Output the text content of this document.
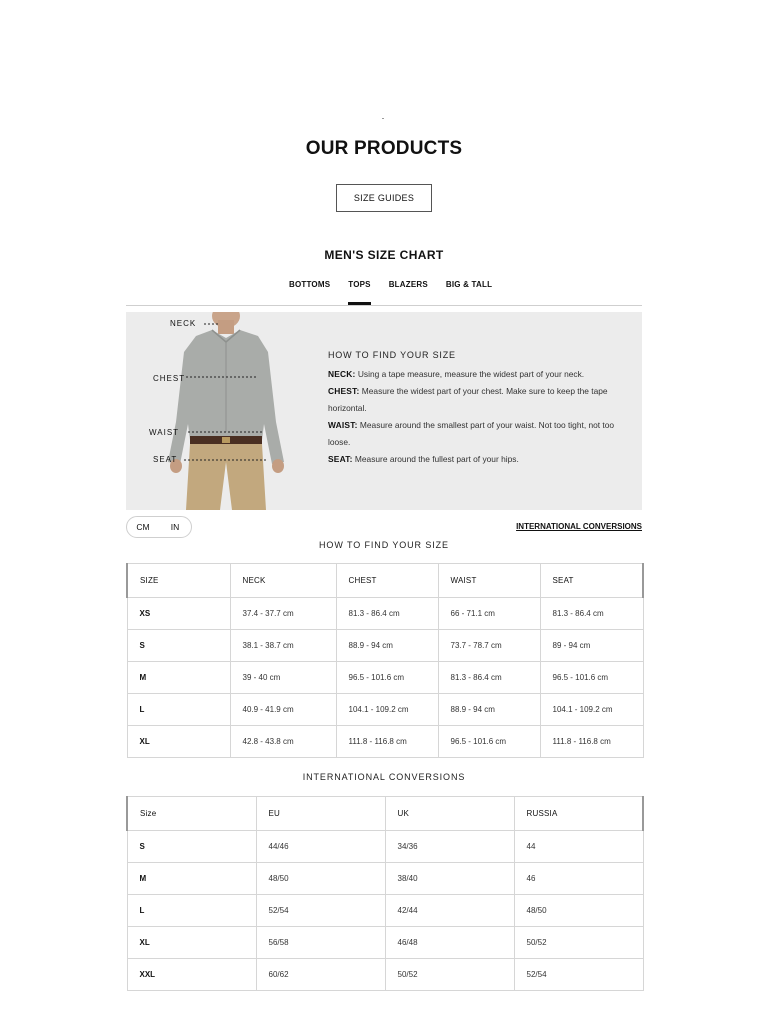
OUR PRODUCTS
SIZE GUIDES
MEN'S SIZE CHART
BOTTOMS	TOPS	BLAZERS	BIG & TALL
NECK
CHEST
WAIST
SEAT
HOW TO FIND YOUR SIZE
NECK: Using a tape measure, measure the widest part of your neck.
CHEST: Measure the widest part of your chest. Make sure to keep the tape horizontal.
WAIST: Measure around the smallest part of your waist. Not too tight, not too loose.
SEAT: Measure around the fullest part of your hips.
CM	IN	INTERNATIONAL CONVERSIONS
HOW TO FIND YOUR SIZE
SIZE	NECK	CHEST	WAIST	SEAT
XS	37.4 - 37.7 cm	81.3 - 86.4 cm	66 - 71.1 cm	81.3 - 86.4 cm
S	38.1 - 38.7 cm	88.9 - 94 cm	73.7 - 78.7 cm	89 - 94 cm
M	39 - 40 cm	96.5 - 101.6 cm	81.3 - 86.4 cm	96.5 - 101.6 cm
L	40.9 - 41.9 cm	104.1 - 109.2 cm	88.9 - 94 cm	104.1 - 109.2 cm
XL	42.8 - 43.8 cm	111.8 - 116.8 cm	96.5 - 101.6 cm	111.8 - 116.8 cm
INTERNATIONAL CONVERSIONS
Size	EU	UK	RUSSIA
S	44/46	34/36	44
M	48/50	38/40	46
L	52/54	42/44	48/50
XL	56/58	46/48	50/52
XXL	60/62	50/52	52/54
